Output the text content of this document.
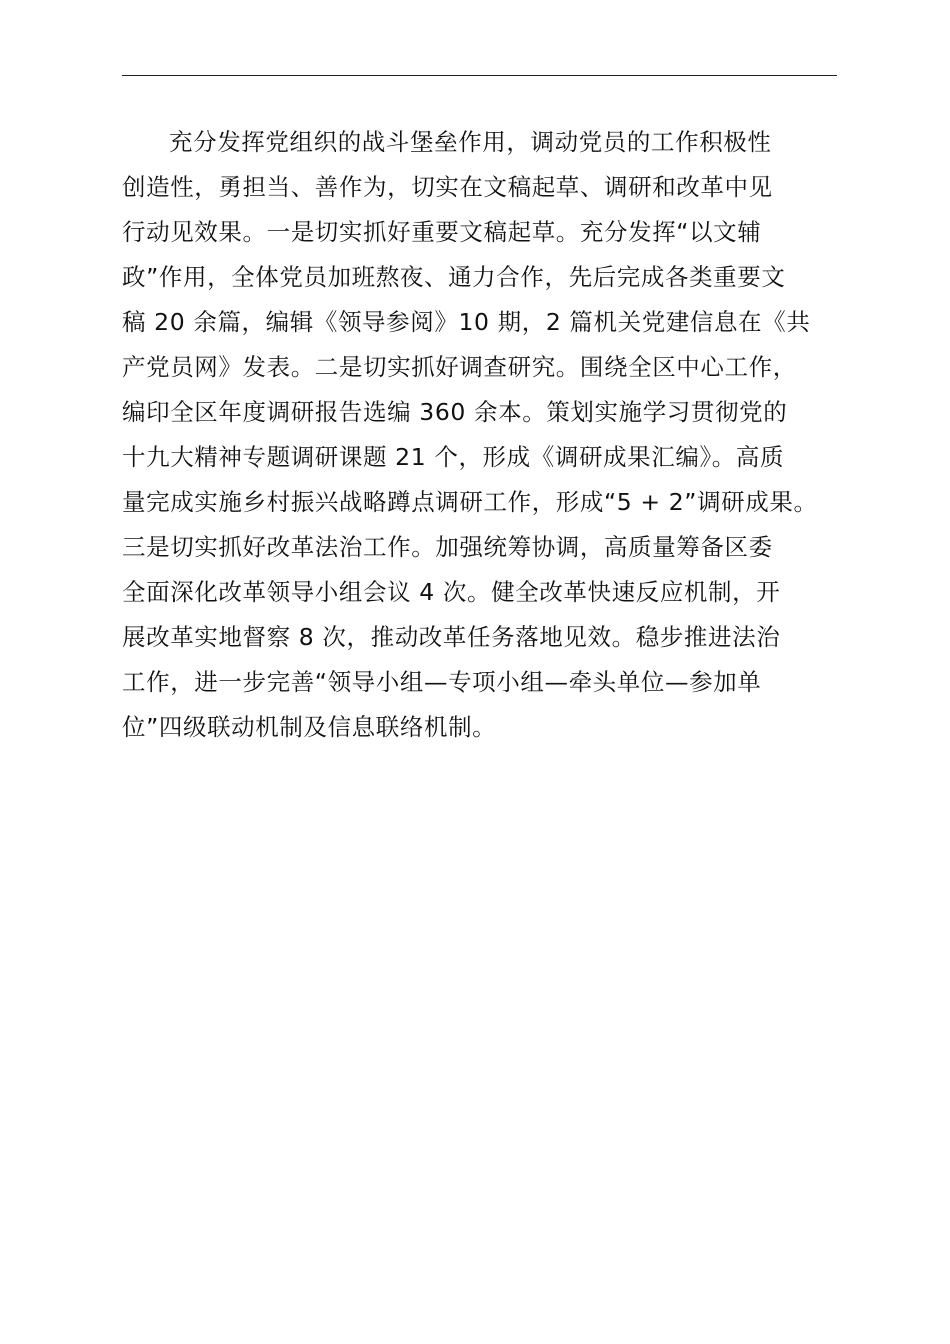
充分发挥党组织的战斗堡垒作用，调动党员的工作积极性
创造性，勇担当、善作为，切实在文稿起草、调研和改革中见
行动见效果。一是切实抓好重要文稿起草。充分发挥“以文辅
政”作用，全体党员加班熬夜、通力合作，先后完成各类重要文
稿 20 余篇，编辑《领导参阅》10 期，2 篇机关党建信息在《共
产党员网》发表。二是切实抓好调查研究。围绕全区中心工作，
编印全区年度调研报告选编 360 余本。策划实施学习贯彻党的
十九大精神专题调研课题 21 个，形成《调研成果汇编》。高质
量完成实施乡村振兴战略蹲点调研工作，形成“5 + 2”调研成果。
三是切实抓好改革法治工作。加强统筹协调，高质量筹备区委
全面深化改革领导小组会议 4 次。健全改革快速反应机制，开
展改革实地督察 8 次，推动改革任务落地见效。稳步推进法治
工作，进一步完善“领导小组—专项小组—牵头单位—参加单
位”四级联动机制及信息联络机制。
